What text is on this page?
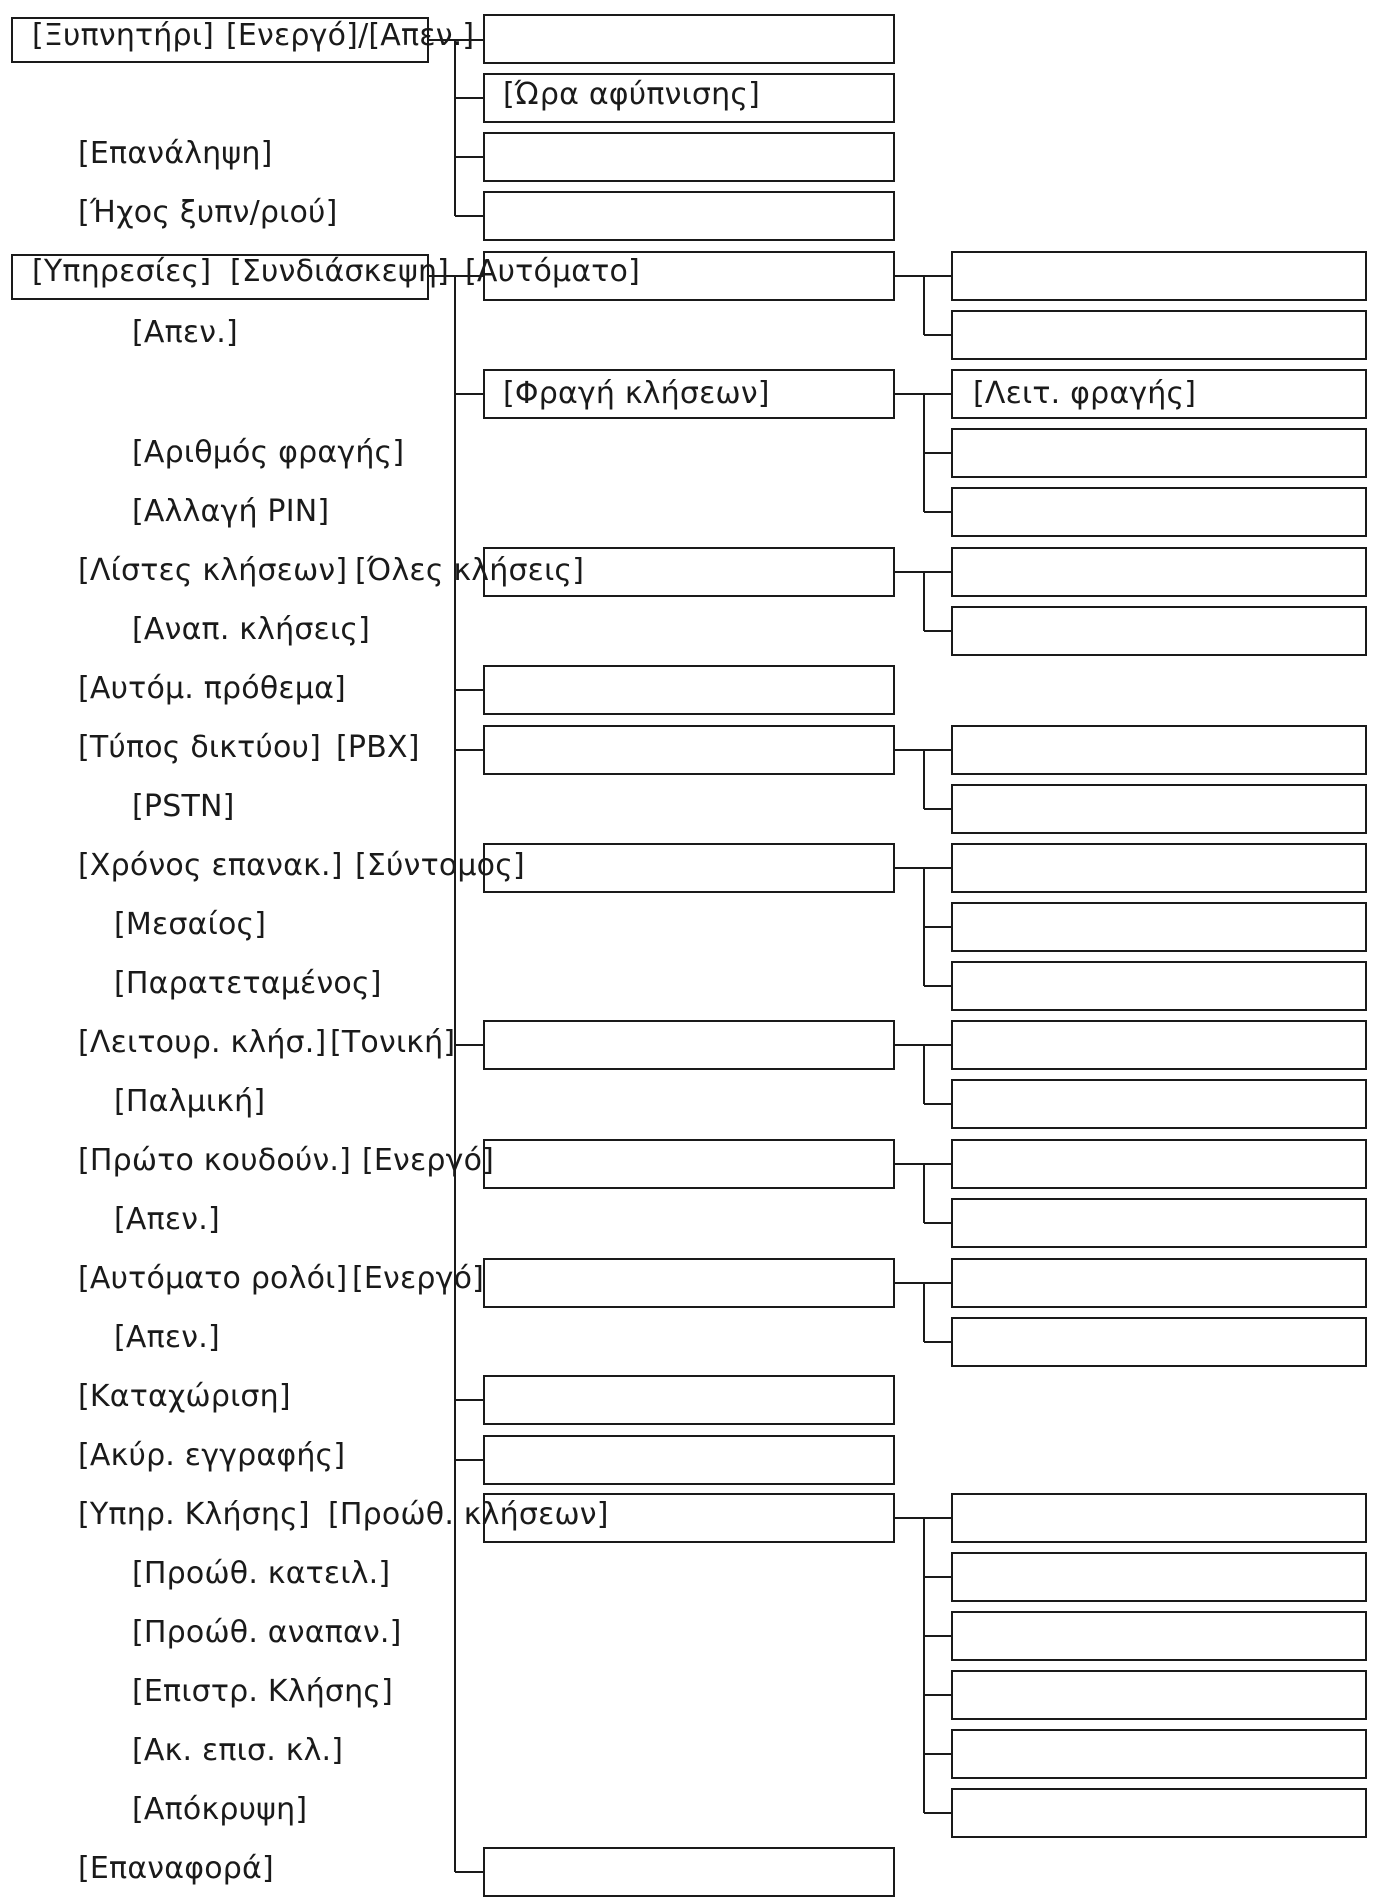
[Ξυπνητήρι] [Ενεργό]/[Απεν.]
[Ώρα αφύπνισης]
[Επανάληψη]
[Ήχος ξυπν/ριού]
[Υπηρεσίες] [Συνδιάσκεψη] [Αυτόματο]
[Απεν.]
[Φραγή κλήσεων]	[Λειτ. φραγής]
[Αριθμός φραγής]
[Αλλαγή PIN]
[Λίστες κλήσεων] [Όλες κλήσεις]
[Αναπ. κλήσεις]
[Αυτόμ. πρόθεμα]
[Τύπος δικτύου] [PBX]
[PSTN]
[Χρόνος επανακ.] [Σύντομος]
[Μεσαίος]
[Παρατεταμένος]
[Λειτουρ. κλήσ.] [Τονική]
[Παλμική]
[Πρώτο κουδούν.] [Ενεργό]
[Απεν.]
[Αυτόματο ρολόι] [Ενεργό]
[Απεν.]
[Καταχώριση]
[Ακύρ. εγγραφής]
[Υπηρ. Κλήσης] [Προώθ. κλήσεων]
[Προώθ. κατειλ.]
[Προώθ. αναπαν.]
[Επιστρ. Κλήσης]
[Ακ. επισ. κλ.]
[Απόκρυψη]
[Επαναφορά]
